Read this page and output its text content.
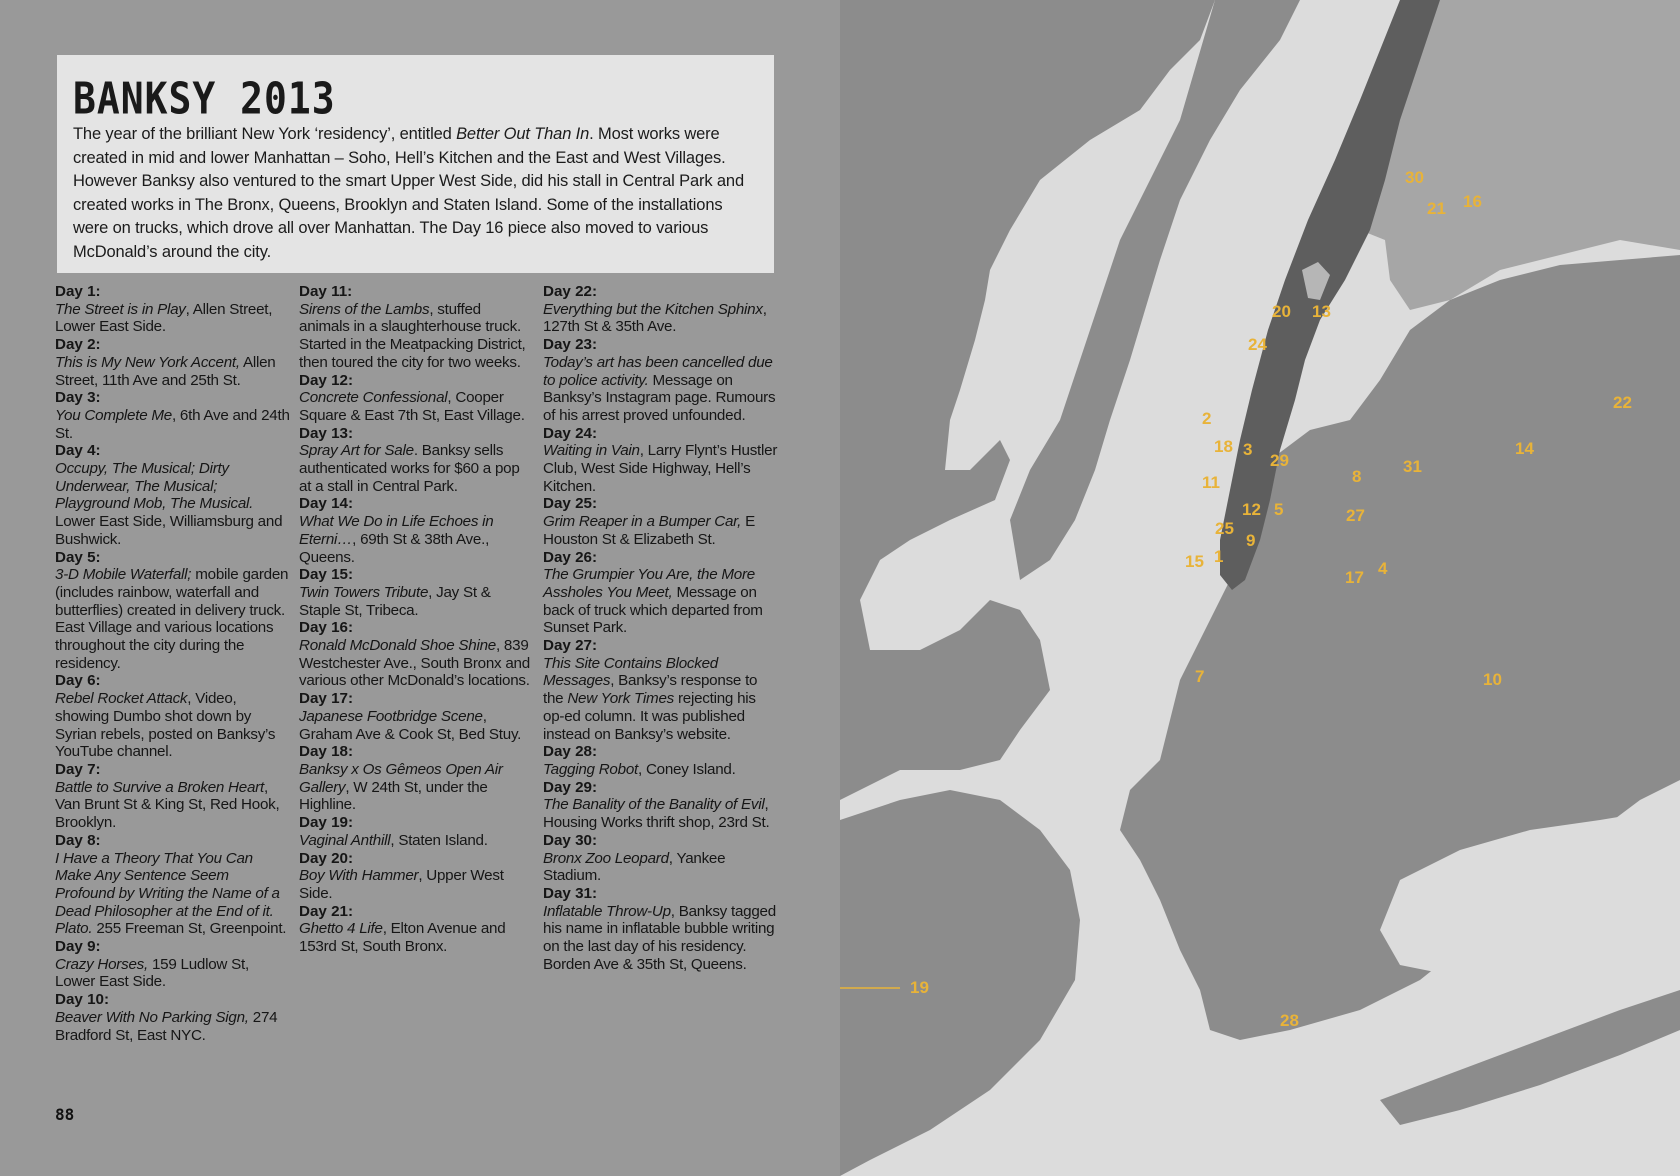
BANKSY 2013

The year of the brilliant New York ‘residency’, entitled Better Out Than In. Most works were created in mid and lower Manhattan – Soho, Hell’s Kitchen and the East and West Villages. However Banksy also ventured to the smart Upper West Side, did his stall in Central Park and created works in The Bronx, Queens, Brooklyn and Staten Island. Some of the installations were on trucks, which drove all over Manhattan. The Day 16 piece also moved to various McDonald’s around the city.

Day 1:
The Street is in Play, Allen Street, Lower East Side.
Day 2:
This is My New York Accent, Allen Street, 11th Ave and 25th St.
Day 3:
You Complete Me, 6th Ave and 24th St.
Day 4:
Occupy, The Musical; Dirty Underwear, The Musical; Playground Mob, The Musical. Lower East Side, Williamsburg and Bushwick.
Day 5:
3-D Mobile Waterfall; mobile garden (includes rainbow, waterfall and butterflies) created in delivery truck. East Village and various locations throughout the city during the residency.
Day 6:
Rebel Rocket Attack, Video, showing Dumbo shot down by Syrian rebels, posted on Banksy’s YouTube channel.
Day 7:
Battle to Survive a Broken Heart, Van Brunt St & King St, Red Hook, Brooklyn.
Day 8:
I Have a Theory That You Can Make Any Sentence Seem Profound by Writing the Name of a Dead Philosopher at the End of it. Plato. 255 Freeman St, Greenpoint.
Day 9:
Crazy Horses, 159 Ludlow St, Lower East Side.
Day 10:
Beaver With No Parking Sign, 274 Bradford St, East NYC.
Day 11:
Sirens of the Lambs, stuffed animals in a slaughterhouse truck. Started in the Meatpacking District, then toured the city for two weeks.
Day 12:
Concrete Confessional, Cooper Square & East 7th St, East Village.
Day 13:
Spray Art for Sale. Banksy sells authenticated works for $60 a pop at a stall in Central Park.
Day 14:
What We Do in Life Echoes in Eterni…, 69th St & 38th Ave., Queens.
Day 15:
Twin Towers Tribute, Jay St & Staple St, Tribeca.
Day 16:
Ronald McDonald Shoe Shine, 839 Westchester Ave., South Bronx and various other McDonald’s locations.
Day 17:
Japanese Footbridge Scene, Graham Ave & Cook St, Bed Stuy.
Day 18:
Banksy x Os Gêmeos Open Air Gallery, W 24th St, under the Highline.
Day 19:
Vaginal Anthill, Staten Island.
Day 20:
Boy With Hammer, Upper West Side.
Day 21:
Ghetto 4 Life, Elton Avenue and 153rd St, South Bronx.
Day 22:
Everything but the Kitchen Sphinx, 127th St & 35th Ave.
Day 23:
Today’s art has been cancelled due to police activity. Message on Banksy’s Instagram page. Rumours of his arrest proved unfounded.
Day 24:
Waiting in Vain, Larry Flynt’s Hustler Club, West Side Highway, Hell’s Kitchen.
Day 25:
Grim Reaper in a Bumper Car, E Houston St & Elizabeth St.
Day 26:
The Grumpier You Are, the More Assholes You Meet, Message on back of truck which departed from Sunset Park.
Day 27:
This Site Contains Blocked Messages, Banksy’s response to the New York Times rejecting his op-ed column. It was published instead on Banksy’s website.
Day 28:
Tagging Robot, Coney Island.
Day 29:
The Banality of the Banality of Evil, Housing Works thrift shop, 23rd St.
Day 30:
Bronx Zoo Leopard, Yankee Stadium.
Day 31:
Inflatable Throw-Up, Banksy tagged his name in inflatable bubble writing on the last day of his residency. Borden Ave & 35th St, Queens.
88
30
21 16
20 13
24
22
14
2
18 3
29
11	8
31
12 5	27
25
9
1
15
17 4
7	10
19
28
